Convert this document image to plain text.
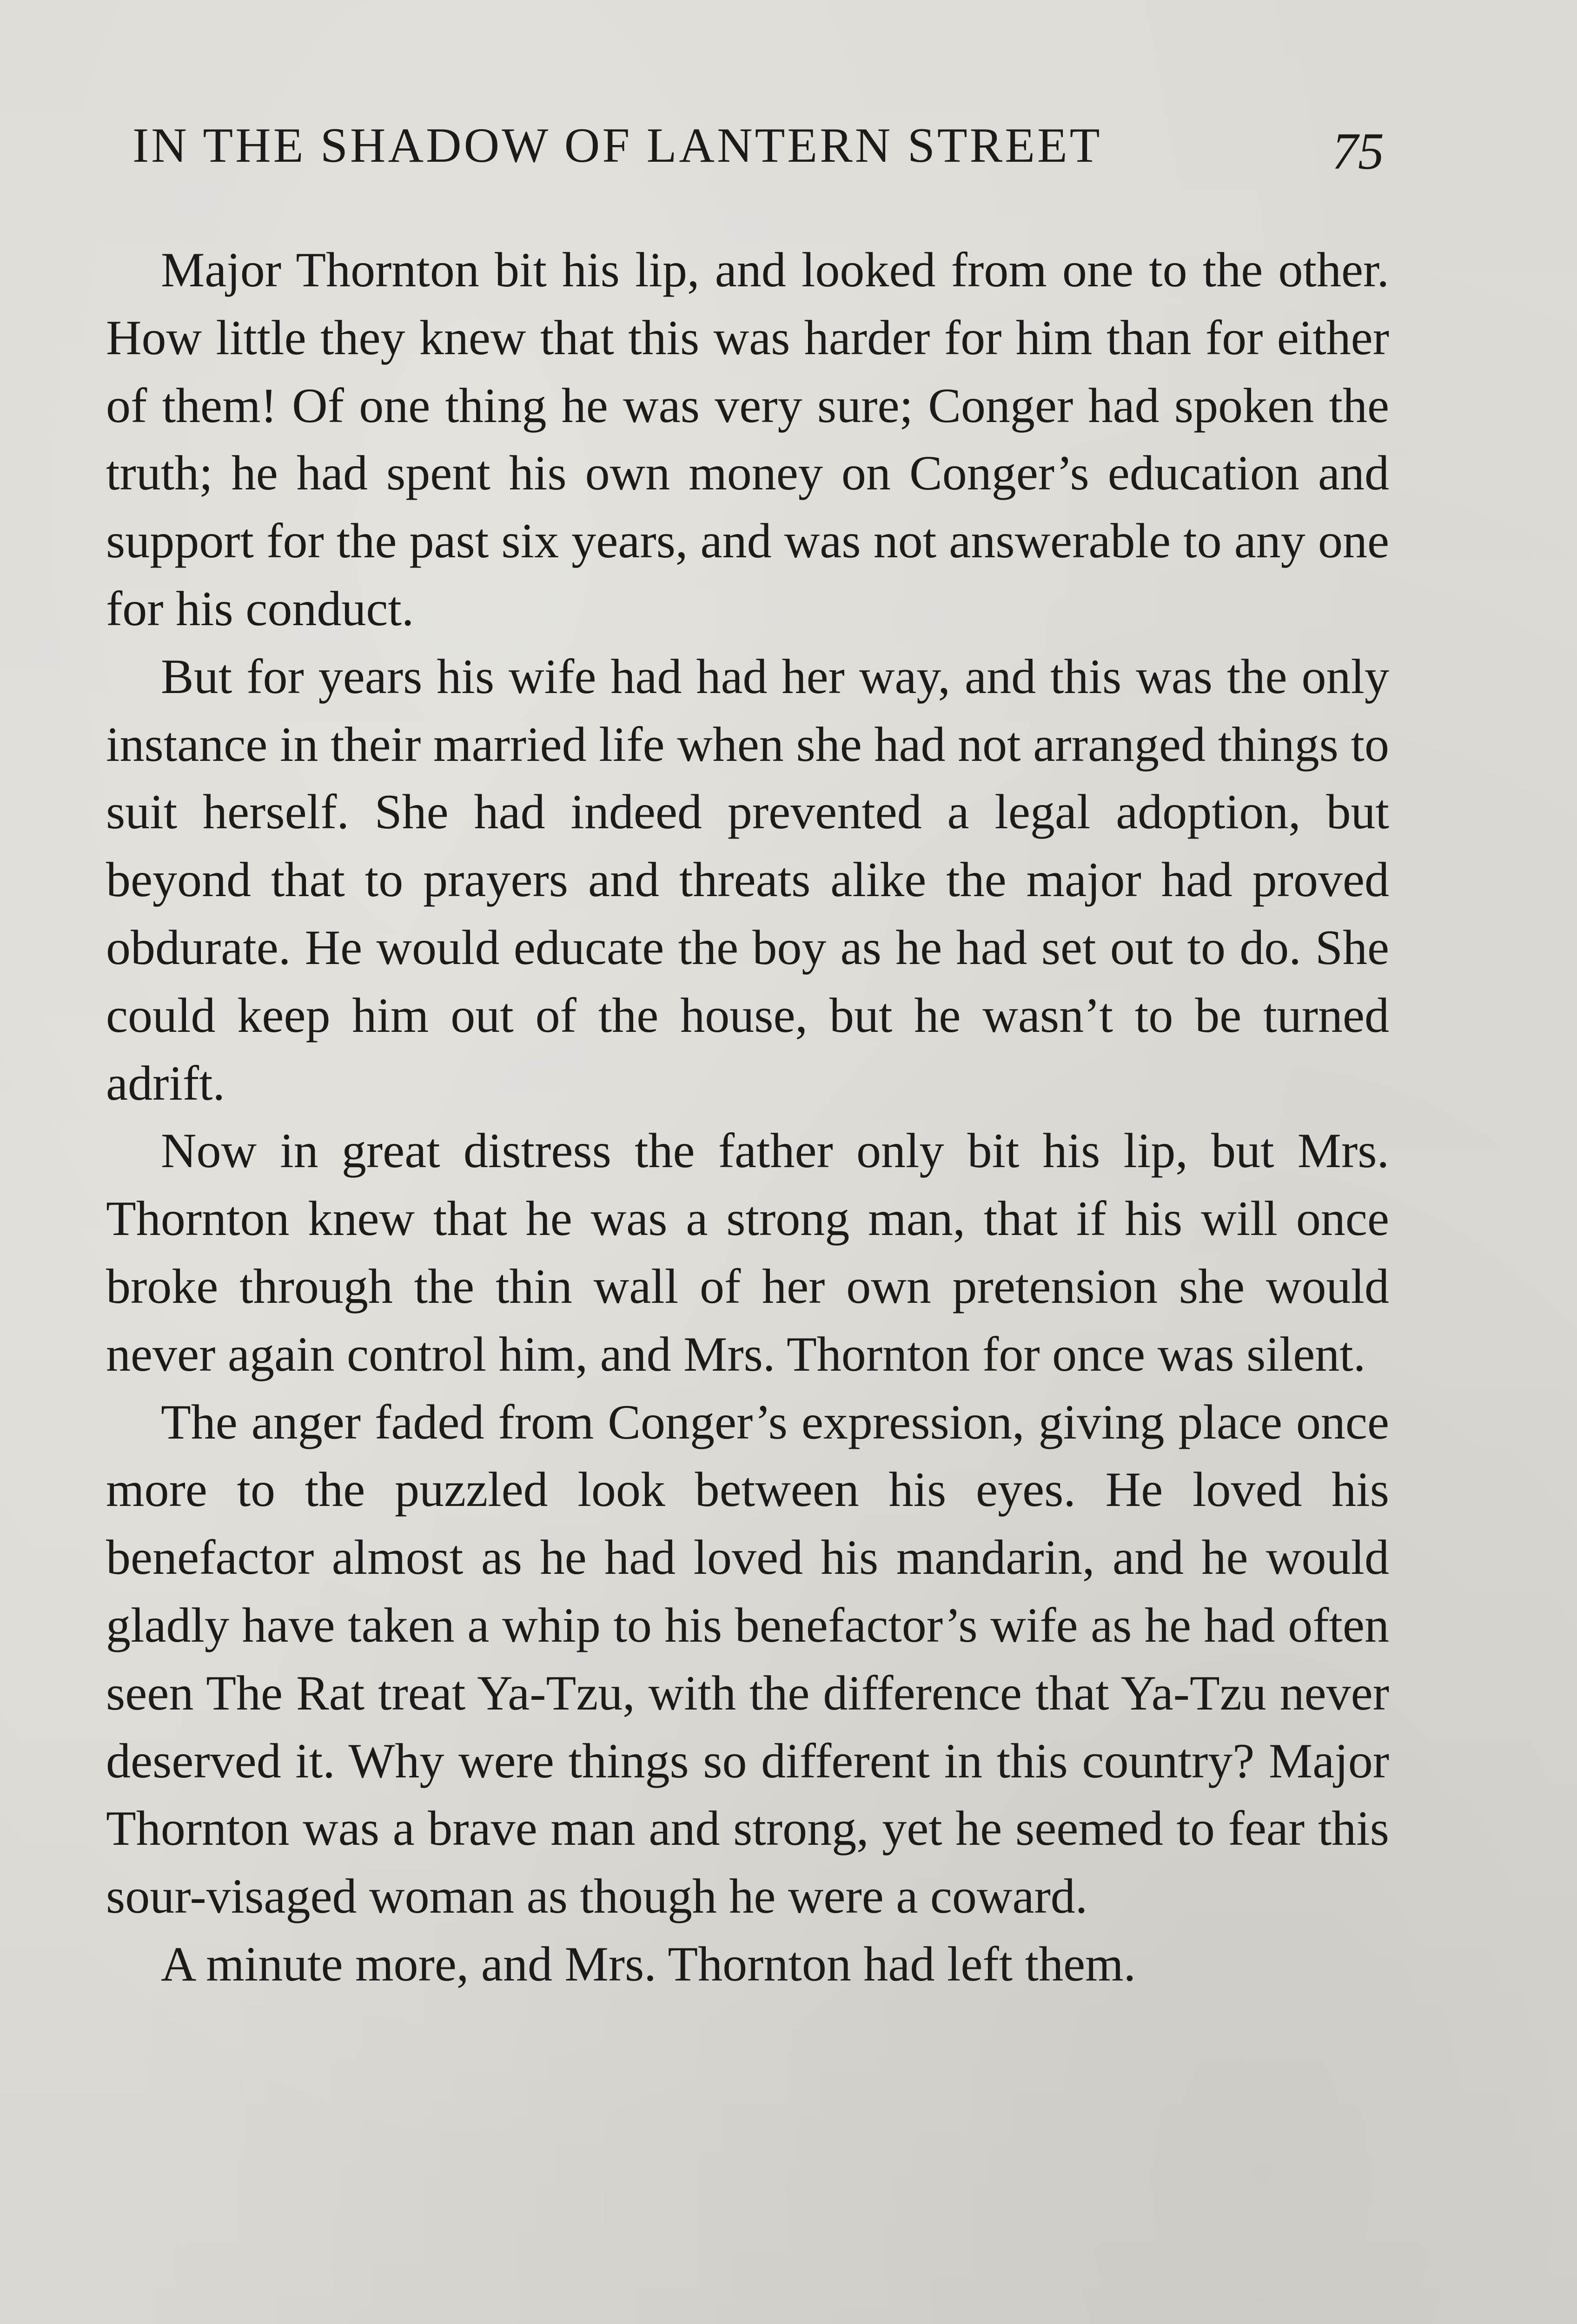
IN THE SHADOW OF LANTERN STREET	75

Major Thornton bit his lip, and looked from one to the other. How little they knew that this was harder for him than for either of them! Of one thing he was very sure; Conger had spoken the truth; he had spent his own money on Conger’s education and support for the past six years, and was not answerable to any one for his conduct.

But for years his wife had had her way, and this was the only instance in their married life when she had not arranged things to suit herself. She had indeed prevented a legal adoption, but beyond that to prayers and threats alike the major had proved obdurate. He would educate the boy as he had set out to do. She could keep him out of the house, but he wasn’t to be turned adrift.

Now in great distress the father only bit his lip, but Mrs. Thornton knew that he was a strong man, that if his will once broke through the thin wall of her own pretension she would never again control him, and Mrs. Thornton for once was silent.

The anger faded from Conger’s expression, giving place once more to the puzzled look between his eyes. He loved his benefactor almost as he had loved his mandarin, and he would gladly have taken a whip to his benefactor’s wife as he had often seen The Rat treat Ya-Tzu, with the difference that Ya-Tzu never deserved it. Why were things so different in this country? Major Thornton was a brave man and strong, yet he seemed to fear this sour-visaged woman as though he were a coward.

A minute more, and Mrs. Thornton had left them.
